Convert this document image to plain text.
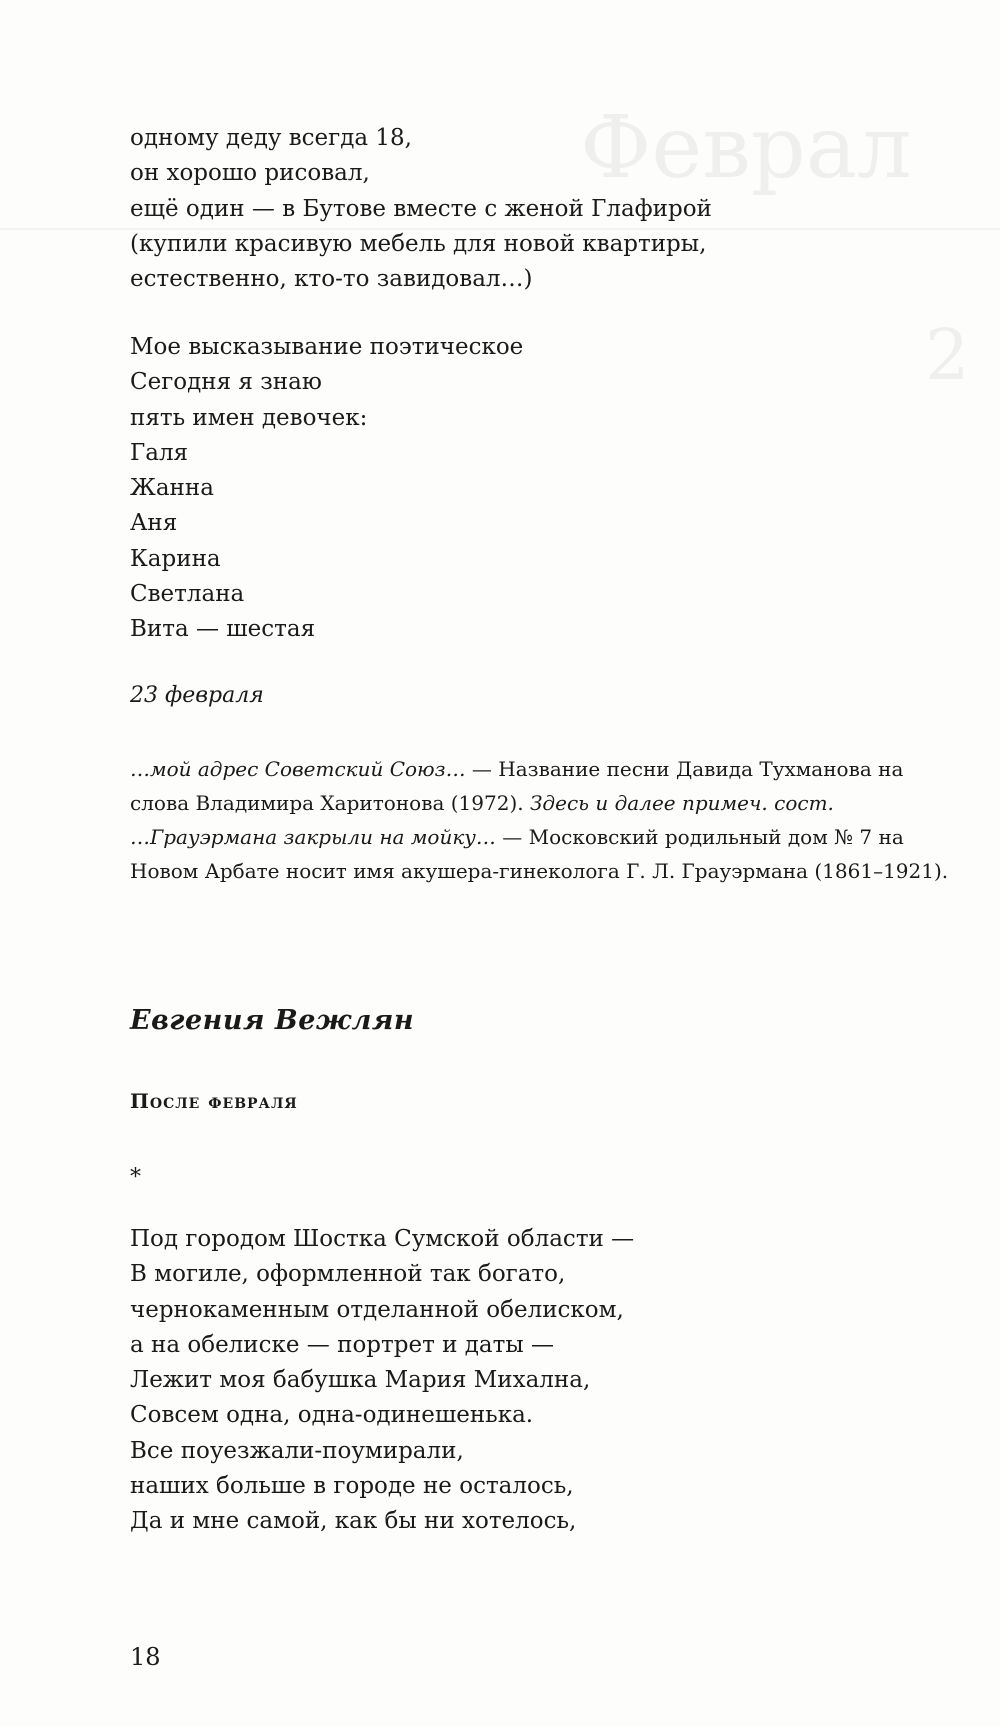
Феврал
2
одному деду всегда 18,
он хорошо рисовал,
ещё один — в Бутове вместе с женой Глафирой
(купили красивую мебель для новой квартиры,
естественно, кто-то завидовал…)
Мое высказывание поэтическое
Сегодня я знаю
пять имен девочек:
Галя
Жанна
Аня
Карина
Светлана
Вита — шестая
23 февраля
…мой адрес Советский Союз… — Название песни Давида Тухманова на
слова Владимира Харитонова (1972). Здесь и далее примеч. сост.
…Грауэрмана закрыли на мойку… — Московский родильный дом № 7 на
Новом Арбате носит имя акушера-гинеколога Г. Л. Грауэрмана (1861–1921).
Евгения Вежлян
После февраля
*
Под городом Шостка Сумской области —
В могиле, оформленной так богато,
чернокаменным отделанной обелиском,
а на обелиске — портрет и даты —
Лежит моя бабушка Мария Михална,
Совсем одна, одна-одинешенька.
Все поуезжали-поумирали,
наших больше в городе не осталось,
Да и мне самой, как бы ни хотелось,
18
